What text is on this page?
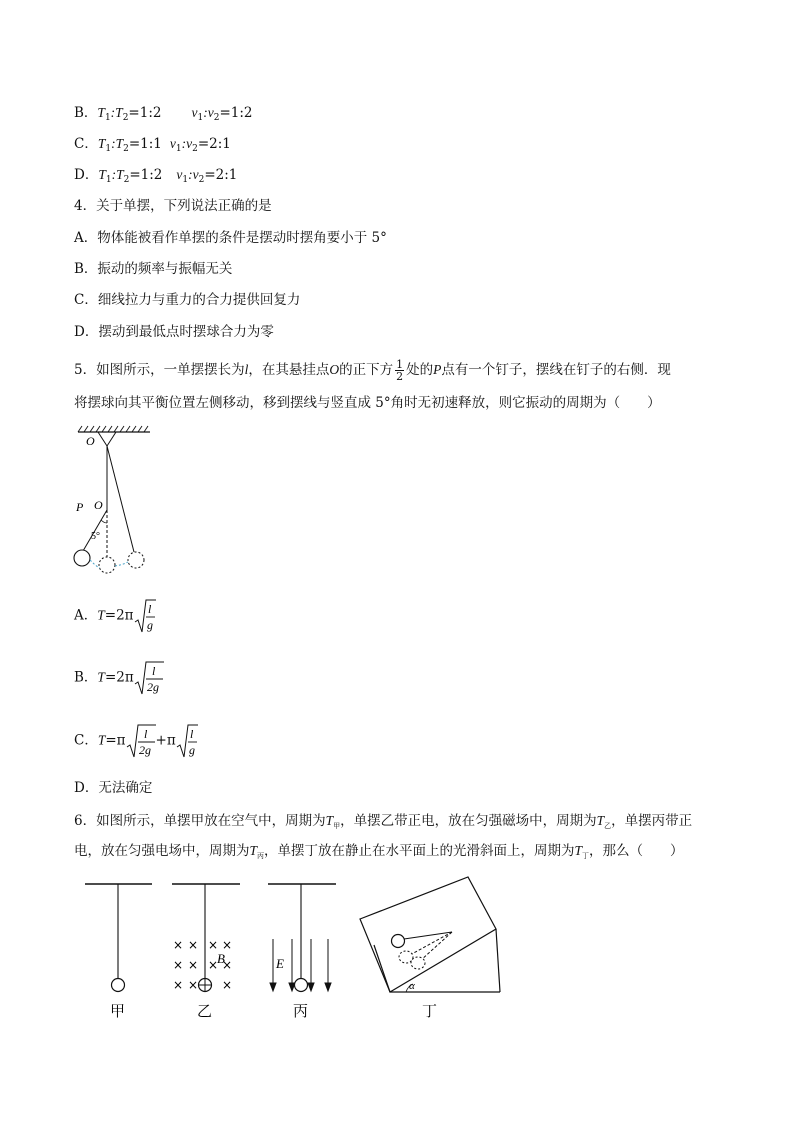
B．$T_1:T_2=1:2$ $v_1:v_2=1:2$
C．$T_1:T_2=1:1$ $v_1:v_2=2:1$
D．$T_1:T_2=1:2$ $v_1:v_2=2:1$
4．关于单摆，下列说法正确的是
A．物体能被看作单摆的条件是摆动时摆角要小于 5°
B．振动的频率与振幅无关
C．细线拉力与重力的合力提供回复力
D．摆动到最低点时摆球合力为零
5．如图所示，一单摆摆长为l，在其悬挂点O的正下方 $\frac{1}{2}$ 处的P点有一个钉子，摆线在钉子的右侧．现
将摆球向其平衡位置左侧移动，移到摆线与竖直成 5°角时无初速释放，则它振动的周期为（　　）
O
O
P
5°
A．T=2π l
g
B．T=2π l
2g
C．T=π l
2g
+π l
g
D．无法确定
6．如图所示，单摆甲放在空气中，周期为$T_甲$，单摆乙带正电，放在匀强磁场中，周期为$T_乙$，单摆丙带正
电，放在匀强电场中，周期为$T_丙$，单摆丁放在静止在水平面上的光滑斜面上，周期为$T_丁$，那么（　　）
甲
× × × ×
× × × ×
× × ×
B
乙
E
丙
α
丁
